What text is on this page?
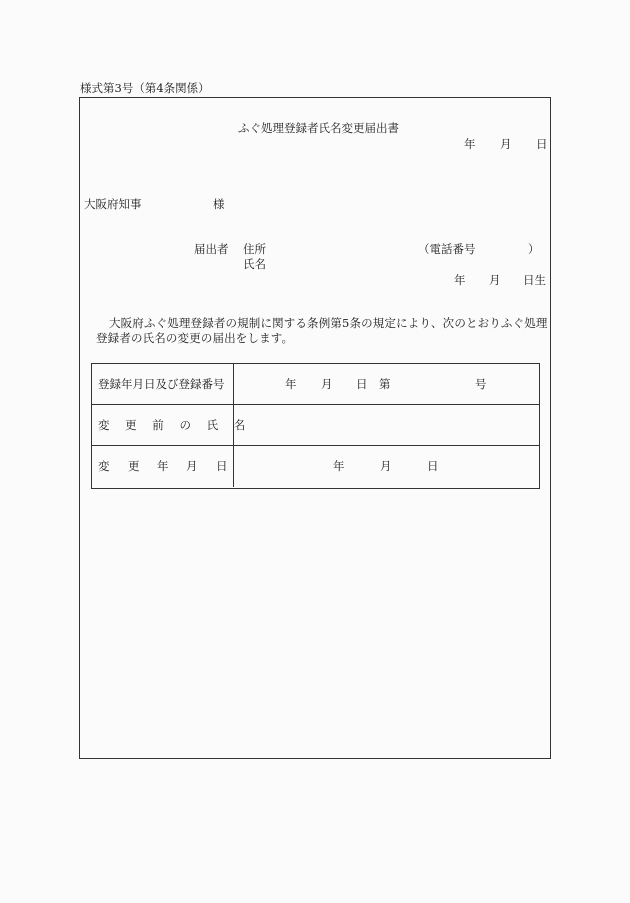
様式第3号（第4条関係）
ふぐ処理登録者氏名変更届出書
年 月 日
大阪府知事	様
届出者 住所
氏名
（電話番号	）
年 月 日生
大阪府ふぐ処理登録者の規制に関する条例第5条の規定により、次のとおりふぐ処理登録者の氏名の変更の届出をします。
登録年月日及び登録番号	年 月 日 第	号
変 更 前 の 氏 名
変 更 年 月 日	年	月	日
